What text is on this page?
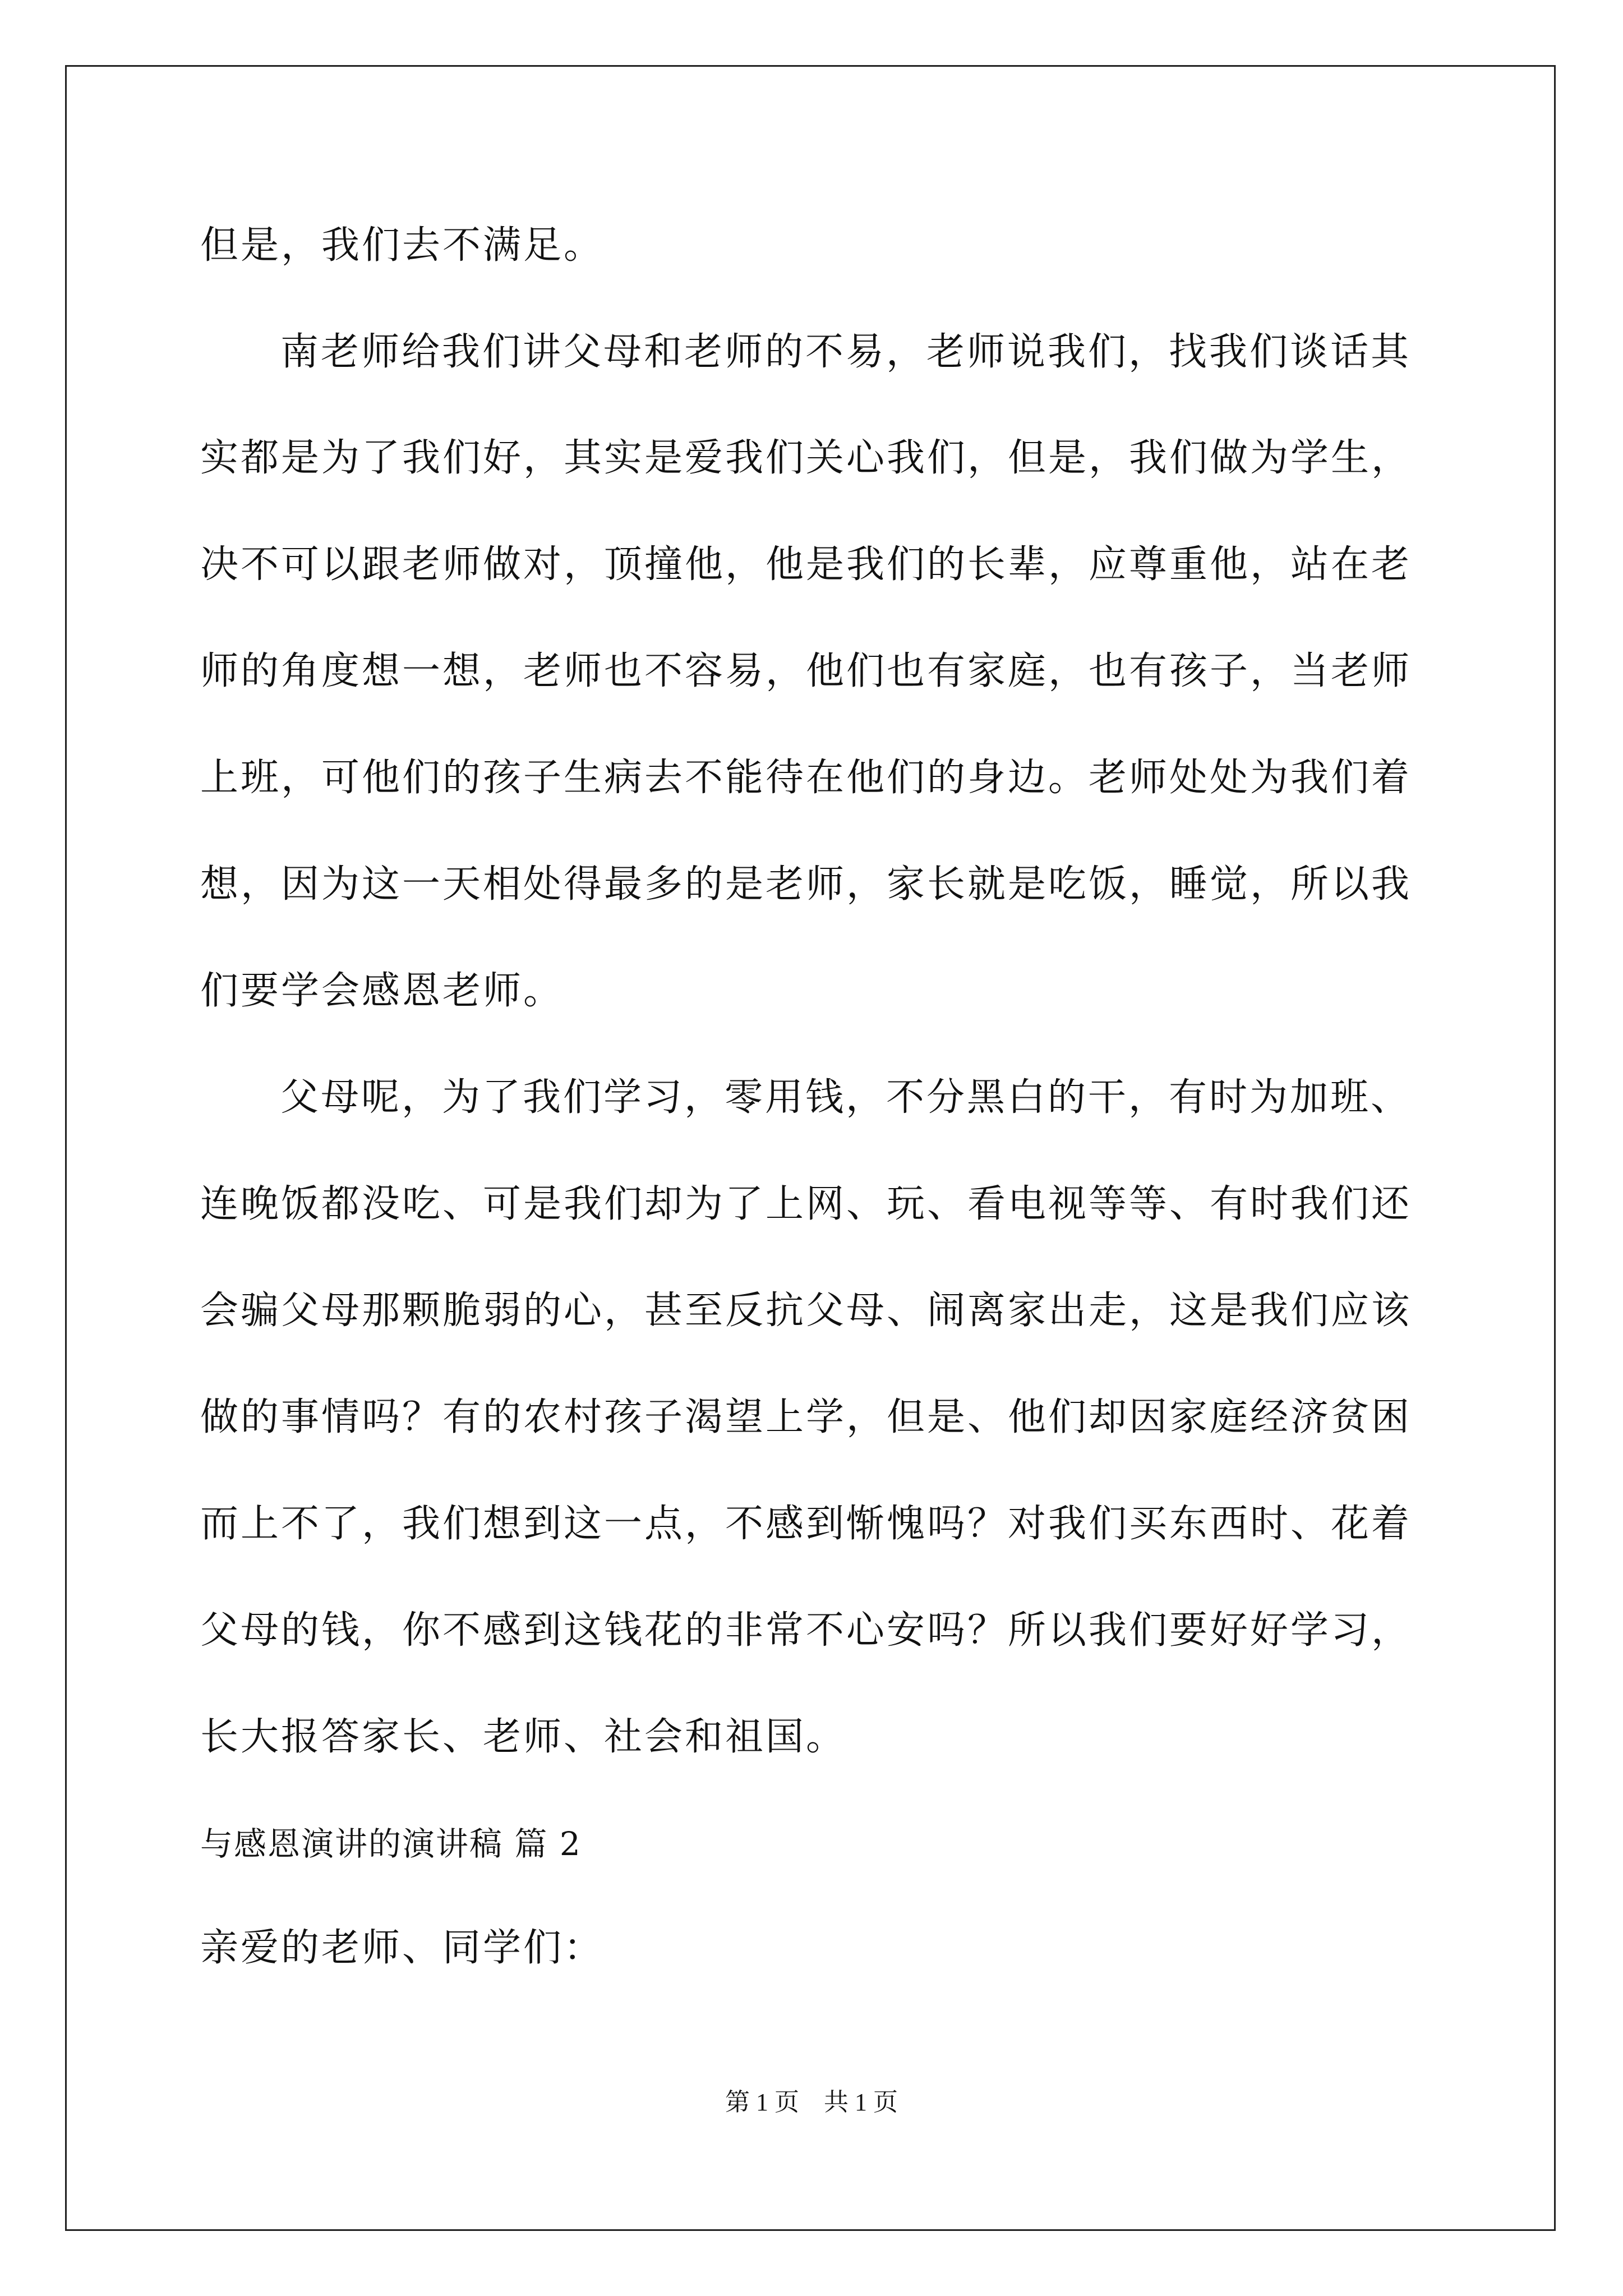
但是，我们去不满足。
南老师给我们讲父母和老师的不易，老师说我们，找我们谈话其
实都是为了我们好，其实是爱我们关心我们，但是，我们做为学生，
决不可以跟老师做对，顶撞他，他是我们的长辈，应尊重他，站在老
师的角度想一想，老师也不容易，他们也有家庭，也有孩子，当老师
上班，可他们的孩子生病去不能待在他们的身边。老师处处为我们着
想，因为这一天相处得最多的是老师，家长就是吃饭，睡觉，所以我
们要学会感恩老师。
父母呢，为了我们学习，零用钱，不分黑白的干，有时为加班、
连晚饭都没吃、可是我们却为了上网、玩、看电视等等、有时我们还
会骗父母那颗脆弱的心，甚至反抗父母、闹离家出走，这是我们应该
做的事情吗？有的农村孩子渴望上学，但是、他们却因家庭经济贫困
而上不了，我们想到这一点，不感到惭愧吗？对我们买东西时、花着
父母的钱，你不感到这钱花的非常不心安吗？所以我们要好好学习，
长大报答家长、老师、社会和祖国。
与感恩演讲的演讲稿 篇 2
亲爱的老师、同学们：
第 1 页 共 1 页
